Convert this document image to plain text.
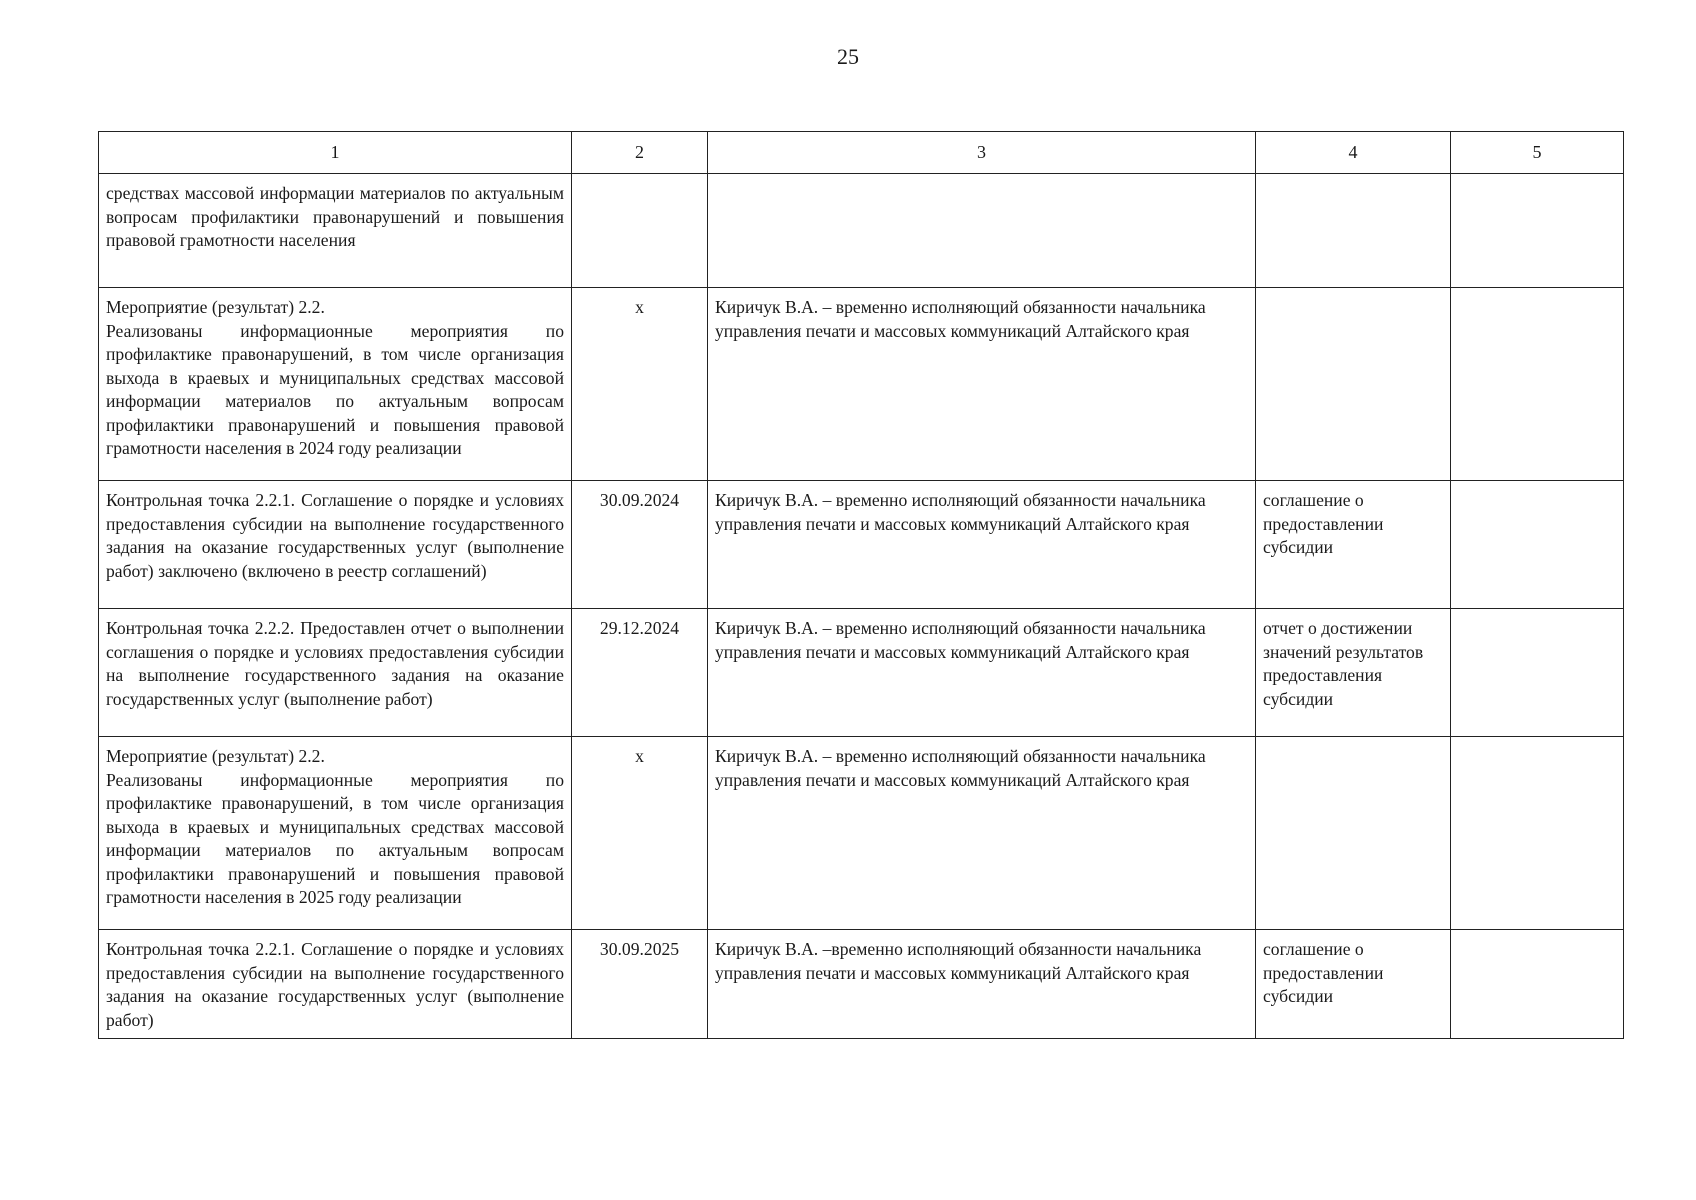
25
1	2	3	4	5
средствах массовой информации материалов по актуальным вопросам профилактики правонарушений и повышения правовой грамотности населения				

Мероприятие (результат) 2.2.
Реализованы информационные мероприятия по профилактике правонарушений, в том числе организация выхода в краевых и муниципальных средствах массовой информации материалов по актуальным вопросам профилактики правонарушений и повышения правовой грамотности населения в 2024 году реализации	х	Киричук В.А. – временно исполняющий обязанности начальника управления печати и массовых коммуникаций Алтайского края		
Контрольная точка 2.2.1. Соглашение о порядке и условиях предоставления субсидии на выполнение государственного задания на оказание государственных услуг (выполнение работ) заключено (включено в реестр соглашений)	30.09.2024	Киричук В.А. – временно исполняющий обязанности начальника управления печати и массовых коммуникаций Алтайского края	соглашение о предоставлении субсидии	
Контрольная точка 2.2.2. Предоставлен отчет о выполнении соглашения о порядке и условиях предоставления субсидии на выполнение государственного задания на оказание государственных услуг (выполнение работ)	29.12.2024	Киричук В.А. – временно исполняющий обязанности начальника управления печати и массовых коммуникаций Алтайского края	отчет о достижении значений результатов предоставления субсидии	

Мероприятие (результат) 2.2.
Реализованы информационные мероприятия по профилактике правонарушений, в том числе организация выхода в краевых и муниципальных средствах массовой информации материалов по актуальным вопросам профилактики правонарушений и повышения правовой грамотности населения в 2025 году реализации	х	Киричук В.А. – временно исполняющий обязанности начальника управления печати и массовых коммуникаций Алтайского края		
Контрольная точка 2.2.1. Соглашение о порядке и условиях предоставления субсидии на выполнение государственного задания на оказание государственных услуг (выполнение работ)	30.09.2025	Киричук В.А. –временно исполняющий обязанности начальника управления печати и массовых коммуникаций Алтайского края	соглашение о предоставлении субсидии	
